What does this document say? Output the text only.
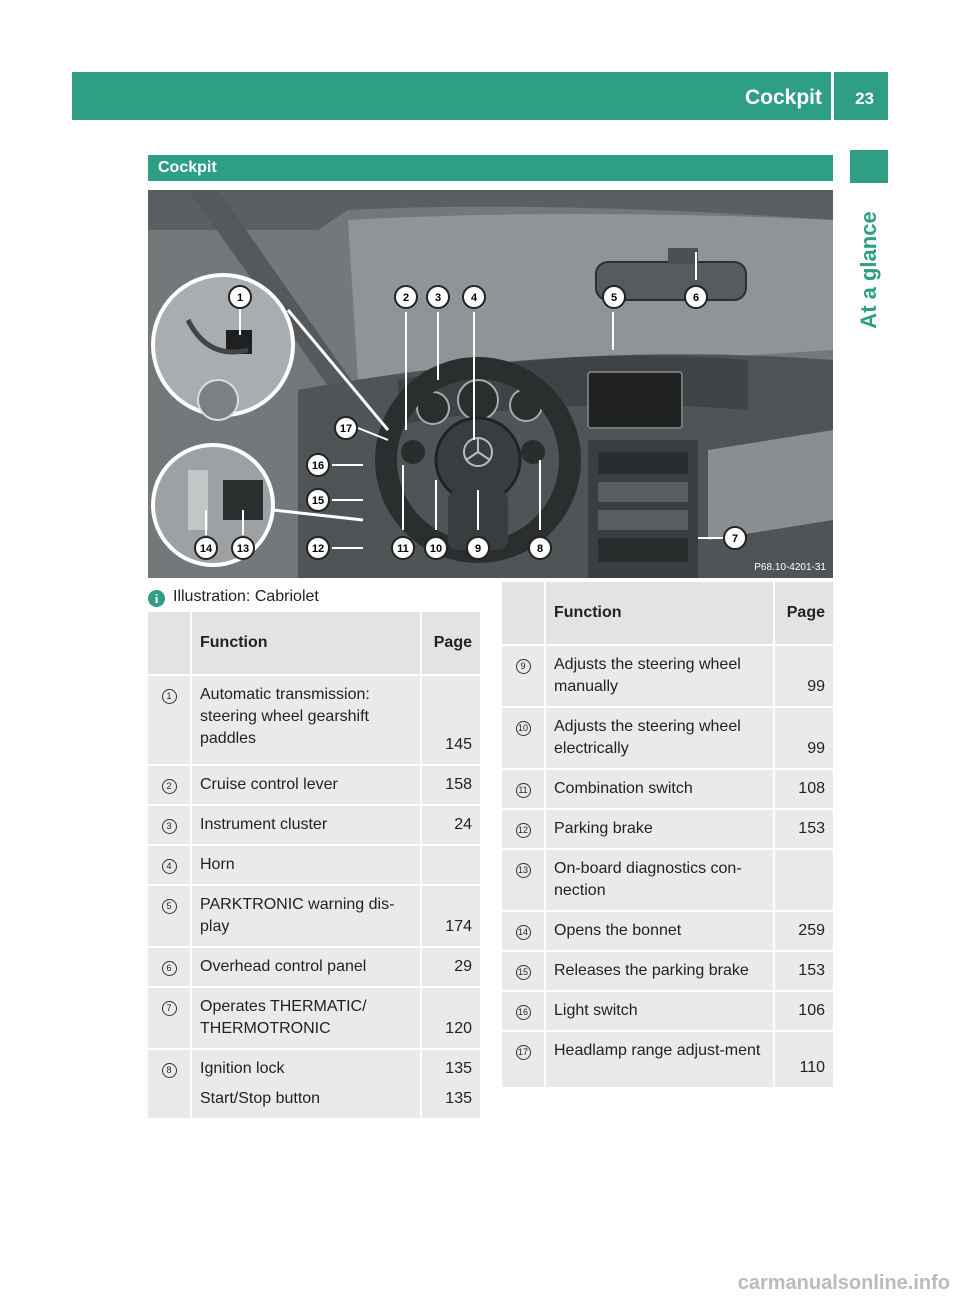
Cockpit 23
At a glance
Cockpit
1	2 3	4	5	6
7
8
9
10
11
12
13
14
15
16
17
P68.10-4201-31
i Illustration: Cabriolet
	Function	Page
1	Automatic transmission: steering wheel gearshift paddles	145
2	Cruise control lever	158
3	Instrument cluster	24
4	Horn	
5	PARKTRONIC warning dis-play	174
6	Overhead control panel	29
7	Operates THERMATIC/ THERMOTRONIC	120
8	Ignition lock	135
	Start/Stop button	135
	Function	Page
9	Adjusts the steering wheel manually	99
10	Adjusts the steering wheel electrically	99
11	Combination switch	108
12	Parking brake	153
13	On-board diagnostics con-nection	
14	Opens the bonnet	259
15	Releases the parking brake	153
16	Light switch	106
17	Headlamp range adjust-ment	110
carmanualsonline.info
